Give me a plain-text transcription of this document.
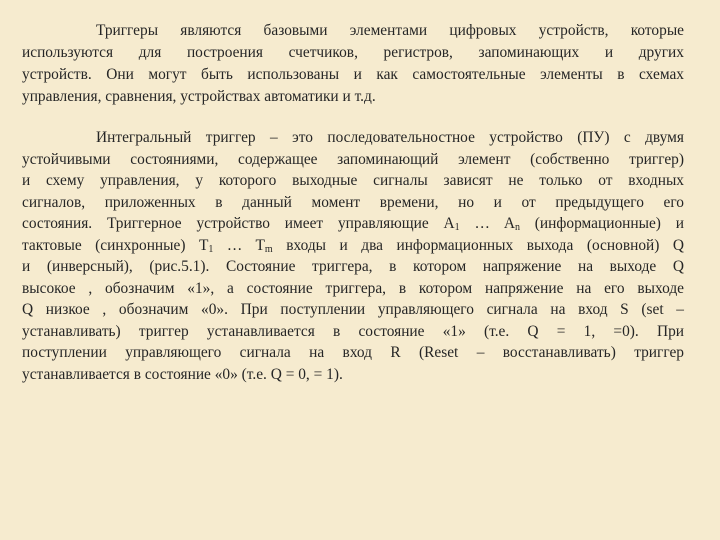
Триггеры являются базовыми элементами цифровых устройств, которые
используются для построения счетчиков, регистров, запоминающих и других
устройств. Они могут быть использованы и как самостоятельные элементы в схемах
управления, сравнения, устройствах автоматики и т.д.
Интегральный триггер – это последовательностное устройство (ПУ) с двумя
устойчивыми состояниями, содержащее запоминающий элемент (собственно триггер)
и схему управления, у которого выходные сигналы зависят не только от входных
сигналов, приложенных в данный момент времени, но и от предыдущего его
состояния. Триггерное устройство имеет управляющие $A_1$ … $A_n$ (информационные) и
тактовые (синхронные) $T_1$ … $T_m$ входы и два информационных выхода (основной) Q
и (инверсный), (рис.5.1). Состояние триггера, в котором напряжение на выходе Q
высокое , обозначим «1», а состояние триггера, в котором напряжение на его выходе
Q низкое , обозначим «0». При поступлении управляющего сигнала на вход S (set –
устанавливать) триггер устанавливается в состояние «1» (т.е. Q = 1, =0). При
поступлении управляющего сигнала на вход R (Reset – восстанавливать) триггер
устанавливается в состояние «0» (т.е. Q = 0, = 1).
